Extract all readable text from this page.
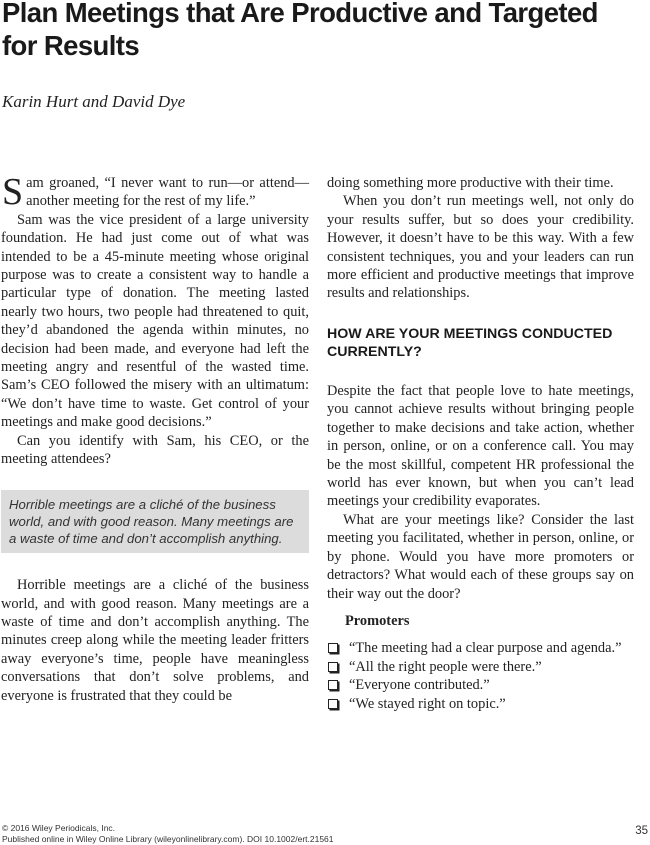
Plan Meetings that Are Productive and Targeted
for Results

Karin Hurt and David Dye

Sam groaned, “I never want to run—or attend—another meeting for the rest of my life.”

Sam was the vice president of a large university foundation. He had just come out of what was intended to be a 45-minute meeting whose original purpose was to create a consistent way to handle a particular type of donation. The meeting lasted nearly two hours, two people had threatened to quit, they’d abandoned the agenda within minutes, no decision had been made, and everyone had left the meeting angry and resentful of the wasted time. Sam’s CEO followed the misery with an ultimatum: “We don’t have time to waste. Get control of your meetings and make good decisions.”

Can you identify with Sam, his CEO, or the meeting attendees?

Horrible meetings are a cliché of the business world, and with good reason. Many meetings are a waste of time and don’t accomplish anything.

Horrible meetings are a cliché of the business world, and with good reason. Many meetings are a waste of time and don’t accomplish anything. The minutes creep along while the meeting leader fritters away everyone’s time, people have meaningless conversations that don’t solve problems, and everyone is frustrated that they could be

doing something more productive with their time.

When you don’t run meetings well, not only do your results suffer, but so does your credibility. However, it doesn’t have to be this way. With a few consistent techniques, you and your leaders can run more efficient and productive meetings that improve results and relationships.

HOW ARE YOUR MEETINGS CONDUCTED CURRENTLY?

Despite the fact that people love to hate meetings, you cannot achieve results without bringing people together to make decisions and take action, whether in person, online, or on a conference call. You may be the most skillful, competent HR professional the world has ever known, but when you can’t lead meetings your credibility evaporates.

What are your meetings like? Consider the last meeting you facilitated, whether in person, online, or by phone. Would you have more promoters or detractors? What would each of these groups say on their way out the door?

Promoters
“The meeting had a clear purpose and agenda.”
“All the right people were there.”
“Everyone contributed.”
“We stayed right on topic.”
© 2016 Wiley Periodicals, Inc.
Published online in Wiley Online Library (wileyonlinelibrary.com). DOI 10.1002/ert.21561
35
